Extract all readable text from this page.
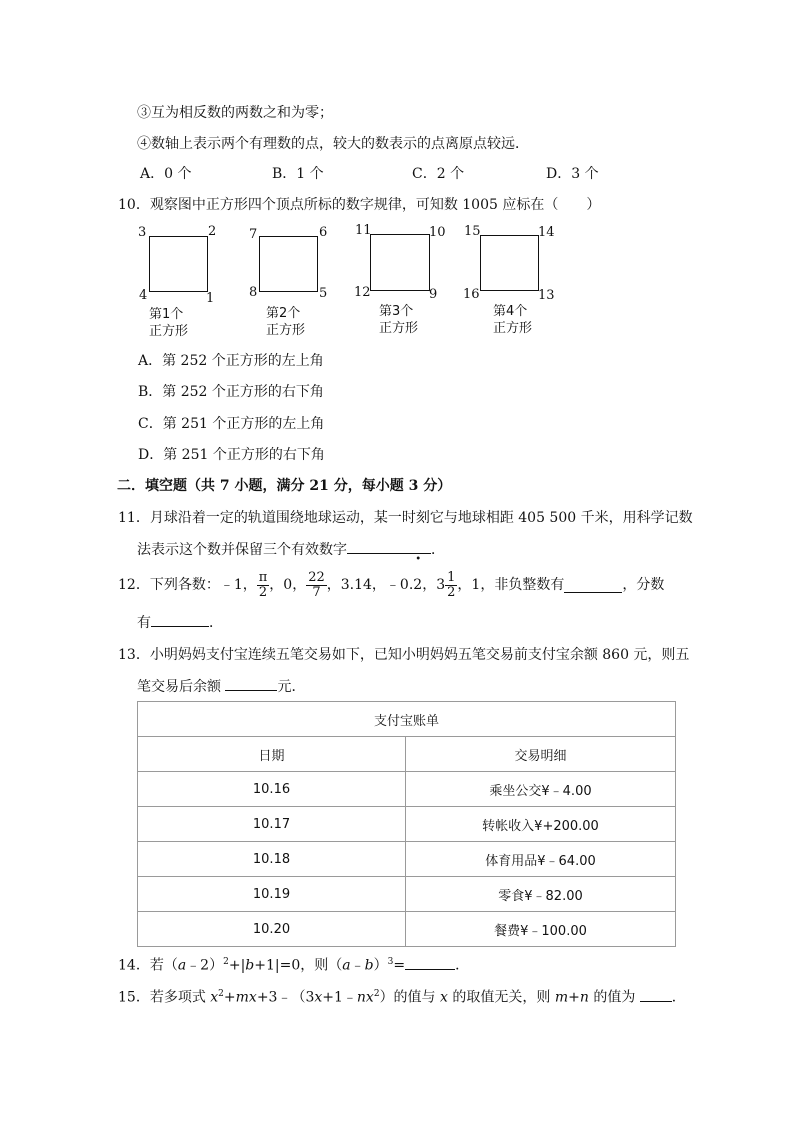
③互为相反数的两数之和为零；
④数轴上表示两个有理数的点，较大的数表示的点离原点较远．
A．0 个	B．1 个	C．2 个	D．3 个
10．观察图中正方形四个顶点所标的数字规律，可知数 1005 应标在（　　）
3	2
4	1
第1个
正方形
7	6
8	5
第2个
正方形
11	10
12	9
第3个
正方形
15	14
16	13
第4个
正方形
A．第 252 个正方形的左上角
B．第 252 个正方形的右下角
C．第 251 个正方形的左上角
D．第 251 个正方形的右下角
二．填空题（共 7 小题，满分 21 分，每小题 3 分）
11．月球沿着一定的轨道围绕地球运动，某一时刻它与地球相距 405 500 千米，用科学记数
法表示这个数并保留三个有效数字	．
12．下列各数：﹣1， $\frac{\pi}{2}$ ，0， $\frac{22}{7}$ ，3.14，﹣0.
•
2，$3 \frac{1}{2}$ ，1，非负整数有	，分数
有	．
13．小明妈妈支付宝连续五笔交易如下，已知小明妈妈五笔交易前支付宝余额 860 元，则五
笔交易后余额	元．
支付宝账单	
日期	交易明细
10.16	乘坐公交¥﹣4.00
10.17	转帐收入¥+200.00
10.18	体育用品¥﹣64.00
10.19	零食¥﹣82.00
10.20	餐费¥﹣100.00
14．若（a﹣2）$^2$+|b+1|=0，则（a﹣b）$^3$=	．
15．若多项式 $x^2+mx+3﹣(3x+1﹣nx^2)$的值与 x 的取值无关，则 m+n 的值为 ．
